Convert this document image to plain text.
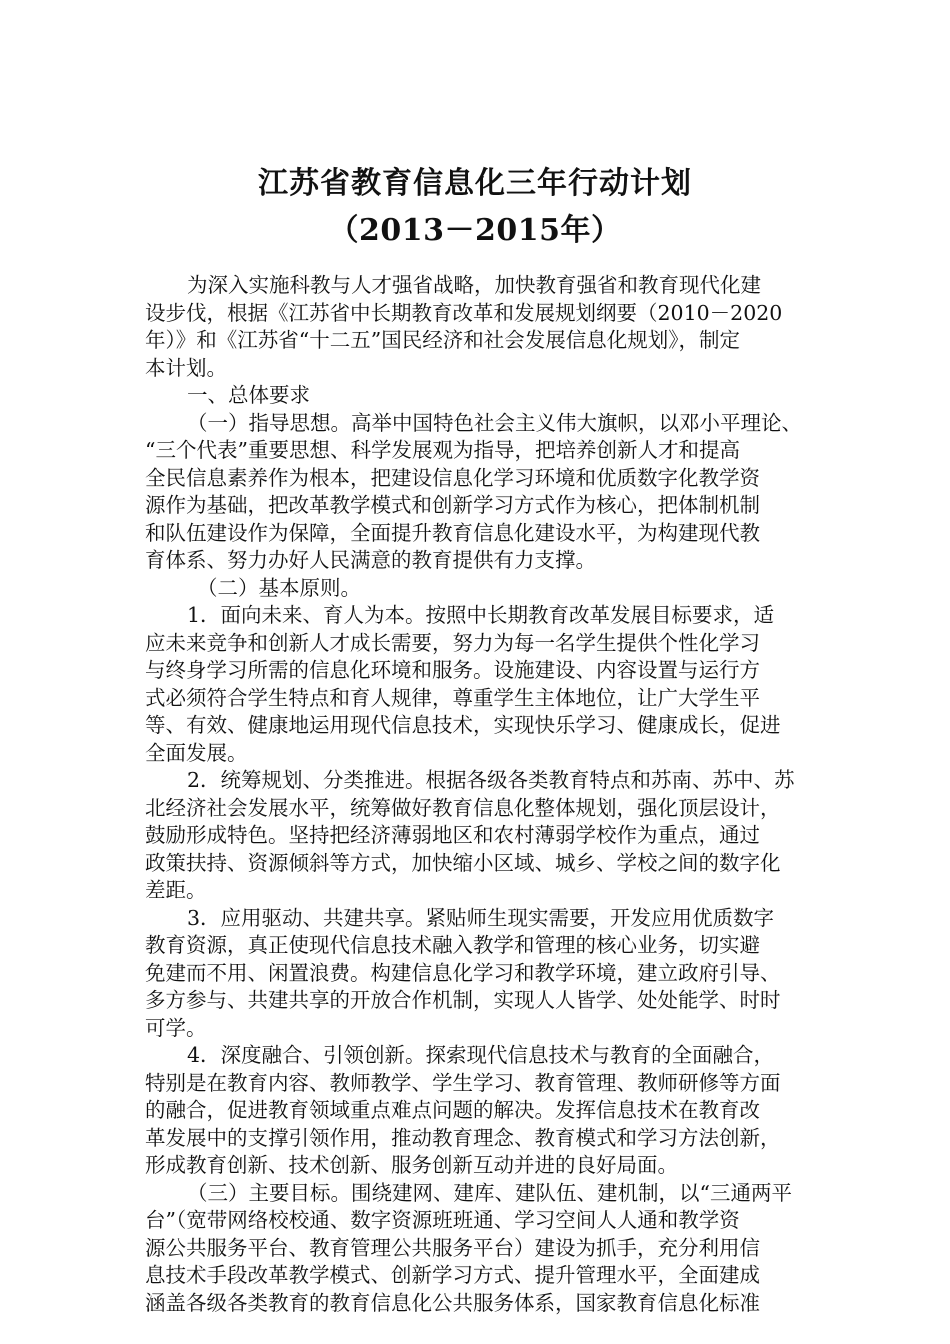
江苏省教育信息化三年行动计划
（2013－2015年）
为深入实施科教与人才强省战略，加快教育强省和教育现代化建
设步伐，根据《江苏省中长期教育改革和发展规划纲要（2010－2020
年）》和《江苏省“十二五”国民经济和社会发展信息化规划》，制定
本计划。
一、总体要求
（一）指导思想。高举中国特色社会主义伟大旗帜，以邓小平理论、
“三个代表”重要思想、科学发展观为指导，把培养创新人才和提高
全民信息素养作为根本，把建设信息化学习环境和优质数字化教学资
源作为基础，把改革教学模式和创新学习方式作为核心，把体制机制
和队伍建设作为保障，全面提升教育信息化建设水平，为构建现代教
育体系、努力办好人民满意的教育提供有力支撑。
（二）基本原则。
1．面向未来、育人为本。按照中长期教育改革发展目标要求，适
应未来竞争和创新人才成长需要，努力为每一名学生提供个性化学习
与终身学习所需的信息化环境和服务。设施建设、内容设置与运行方
式必须符合学生特点和育人规律，尊重学生主体地位，让广大学生平
等、有效、健康地运用现代信息技术，实现快乐学习、健康成长，促进
全面发展。
2．统筹规划、分类推进。根据各级各类教育特点和苏南、苏中、苏
北经济社会发展水平，统筹做好教育信息化整体规划，强化顶层设计，
鼓励形成特色。坚持把经济薄弱地区和农村薄弱学校作为重点，通过
政策扶持、资源倾斜等方式，加快缩小区域、城乡、学校之间的数字化
差距。
3．应用驱动、共建共享。紧贴师生现实需要，开发应用优质数字
教育资源，真正使现代信息技术融入教学和管理的核心业务，切实避
免建而不用、闲置浪费。构建信息化学习和教学环境，建立政府引导、
多方参与、共建共享的开放合作机制，实现人人皆学、处处能学、时时
可学。
4．深度融合、引领创新。探索现代信息技术与教育的全面融合，
特别是在教育内容、教师教学、学生学习、教育管理、教师研修等方面
的融合，促进教育领域重点难点问题的解决。发挥信息技术在教育改
革发展中的支撑引领作用，推动教育理念、教育模式和学习方法创新，
形成教育创新、技术创新、服务创新互动并进的良好局面。
（三）主要目标。围绕建网、建库、建队伍、建机制，以“三通两平
台”（宽带网络校校通、数字资源班班通、学习空间人人通和教学资
源公共服务平台、教育管理公共服务平台）建设为抓手，充分利用信
息技术手段改革教学模式、创新学习方式、提升管理水平，全面建成
涵盖各级各类教育的教育信息化公共服务体系，国家教育信息化标准
